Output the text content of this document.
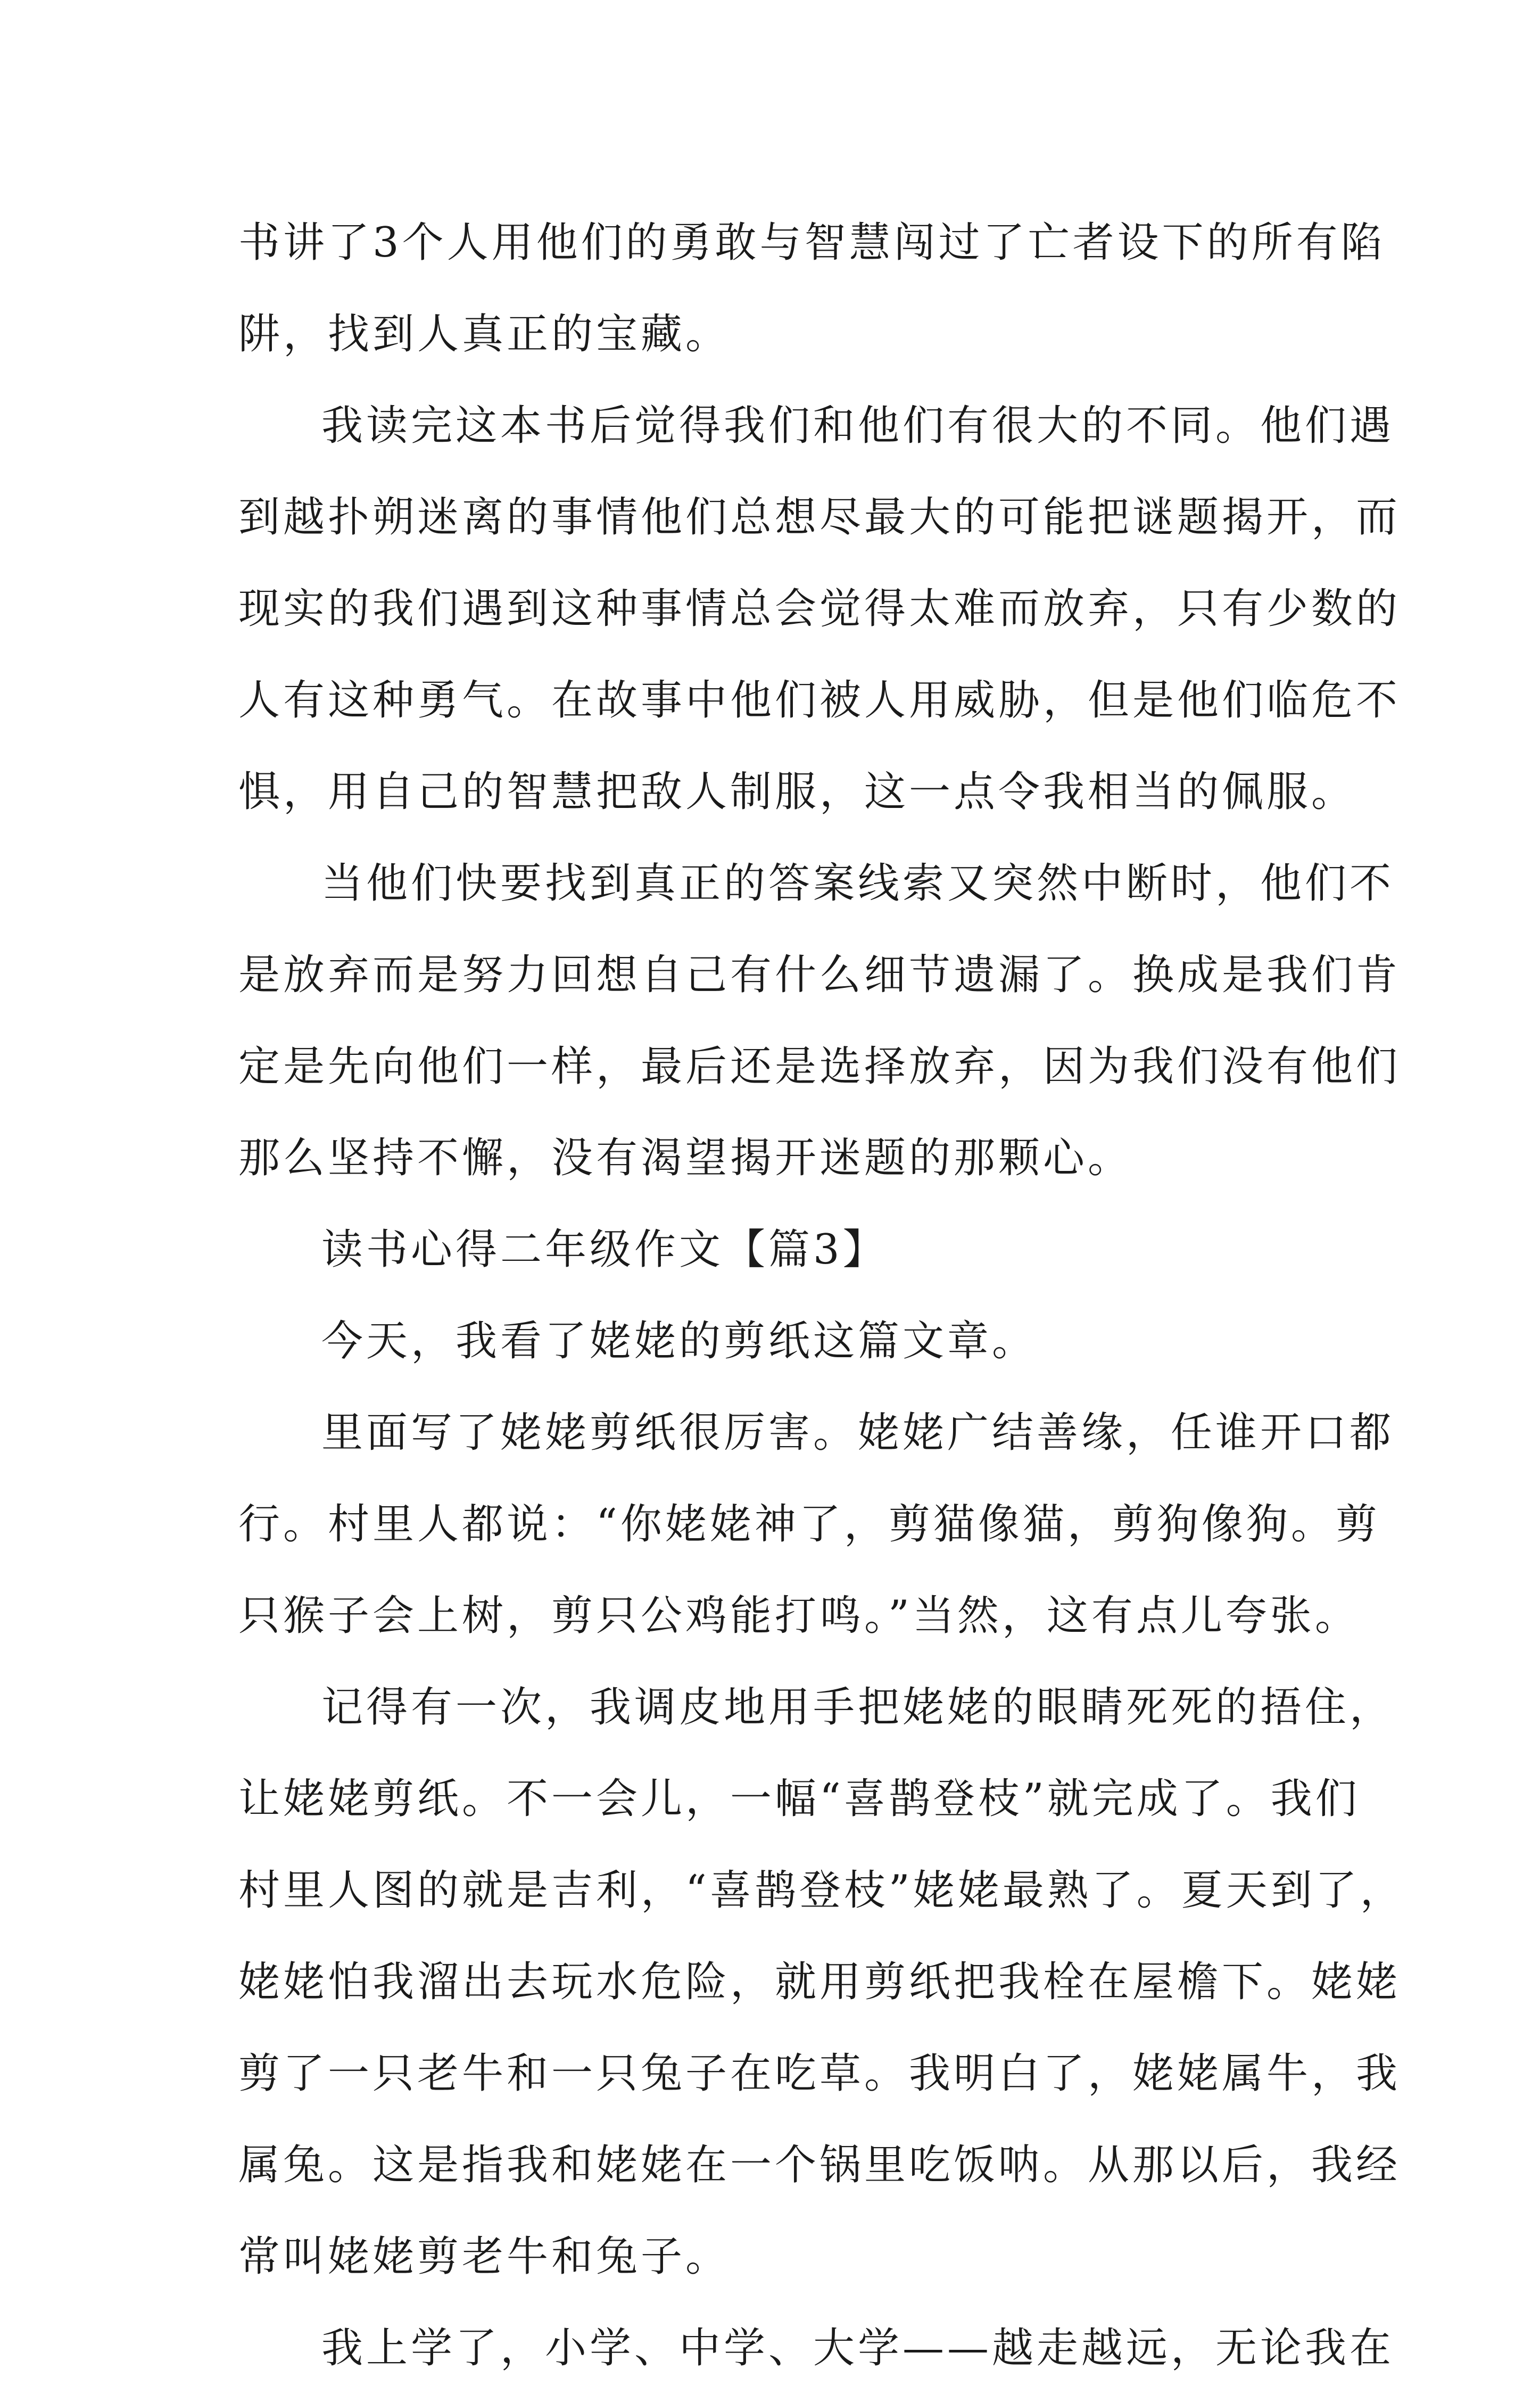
书讲了3个人用他们的勇敢与智慧闯过了亡者设下的所有陷
阱，找到人真正的宝藏。

我读完这本书后觉得我们和他们有很大的不同。他们遇
到越扑朔迷离的事情他们总想尽最大的可能把谜题揭开，而
现实的我们遇到这种事情总会觉得太难而放弃，只有少数的
人有这种勇气。在故事中他们被人用威胁，但是他们临危不
惧，用自己的智慧把敌人制服，这一点令我相当的佩服。

当他们快要找到真正的答案线索又突然中断时，他们不
是放弃而是努力回想自己有什么细节遗漏了。换成是我们肯
定是先向他们一样，最后还是选择放弃，因为我们没有他们
那么坚持不懈，没有渴望揭开迷题的那颗心。

读书心得二年级作文【篇3】

今天，我看了姥姥的剪纸这篇文章。

里面写了姥姥剪纸很厉害。姥姥广结善缘，任谁开口都
行。村里人都说：“你姥姥神了，剪猫像猫，剪狗像狗。剪
只猴子会上树，剪只公鸡能打鸣。”当然，这有点儿夸张。

记得有一次，我调皮地用手把姥姥的眼睛死死的捂住，
让姥姥剪纸。不一会儿，一幅“喜鹊登枝”就完成了。我们
村里人图的就是吉利，“喜鹊登枝”姥姥最熟了。夏天到了，
姥姥怕我溜出去玩水危险，就用剪纸把我栓在屋檐下。姥姥
剪了一只老牛和一只兔子在吃草。我明白了，姥姥属牛，我
属兔。这是指我和姥姥在一个锅里吃饭呐。从那以后，我经
常叫姥姥剪老牛和兔子。

我上学了，小学、中学、大学——越走越远，无论我在
